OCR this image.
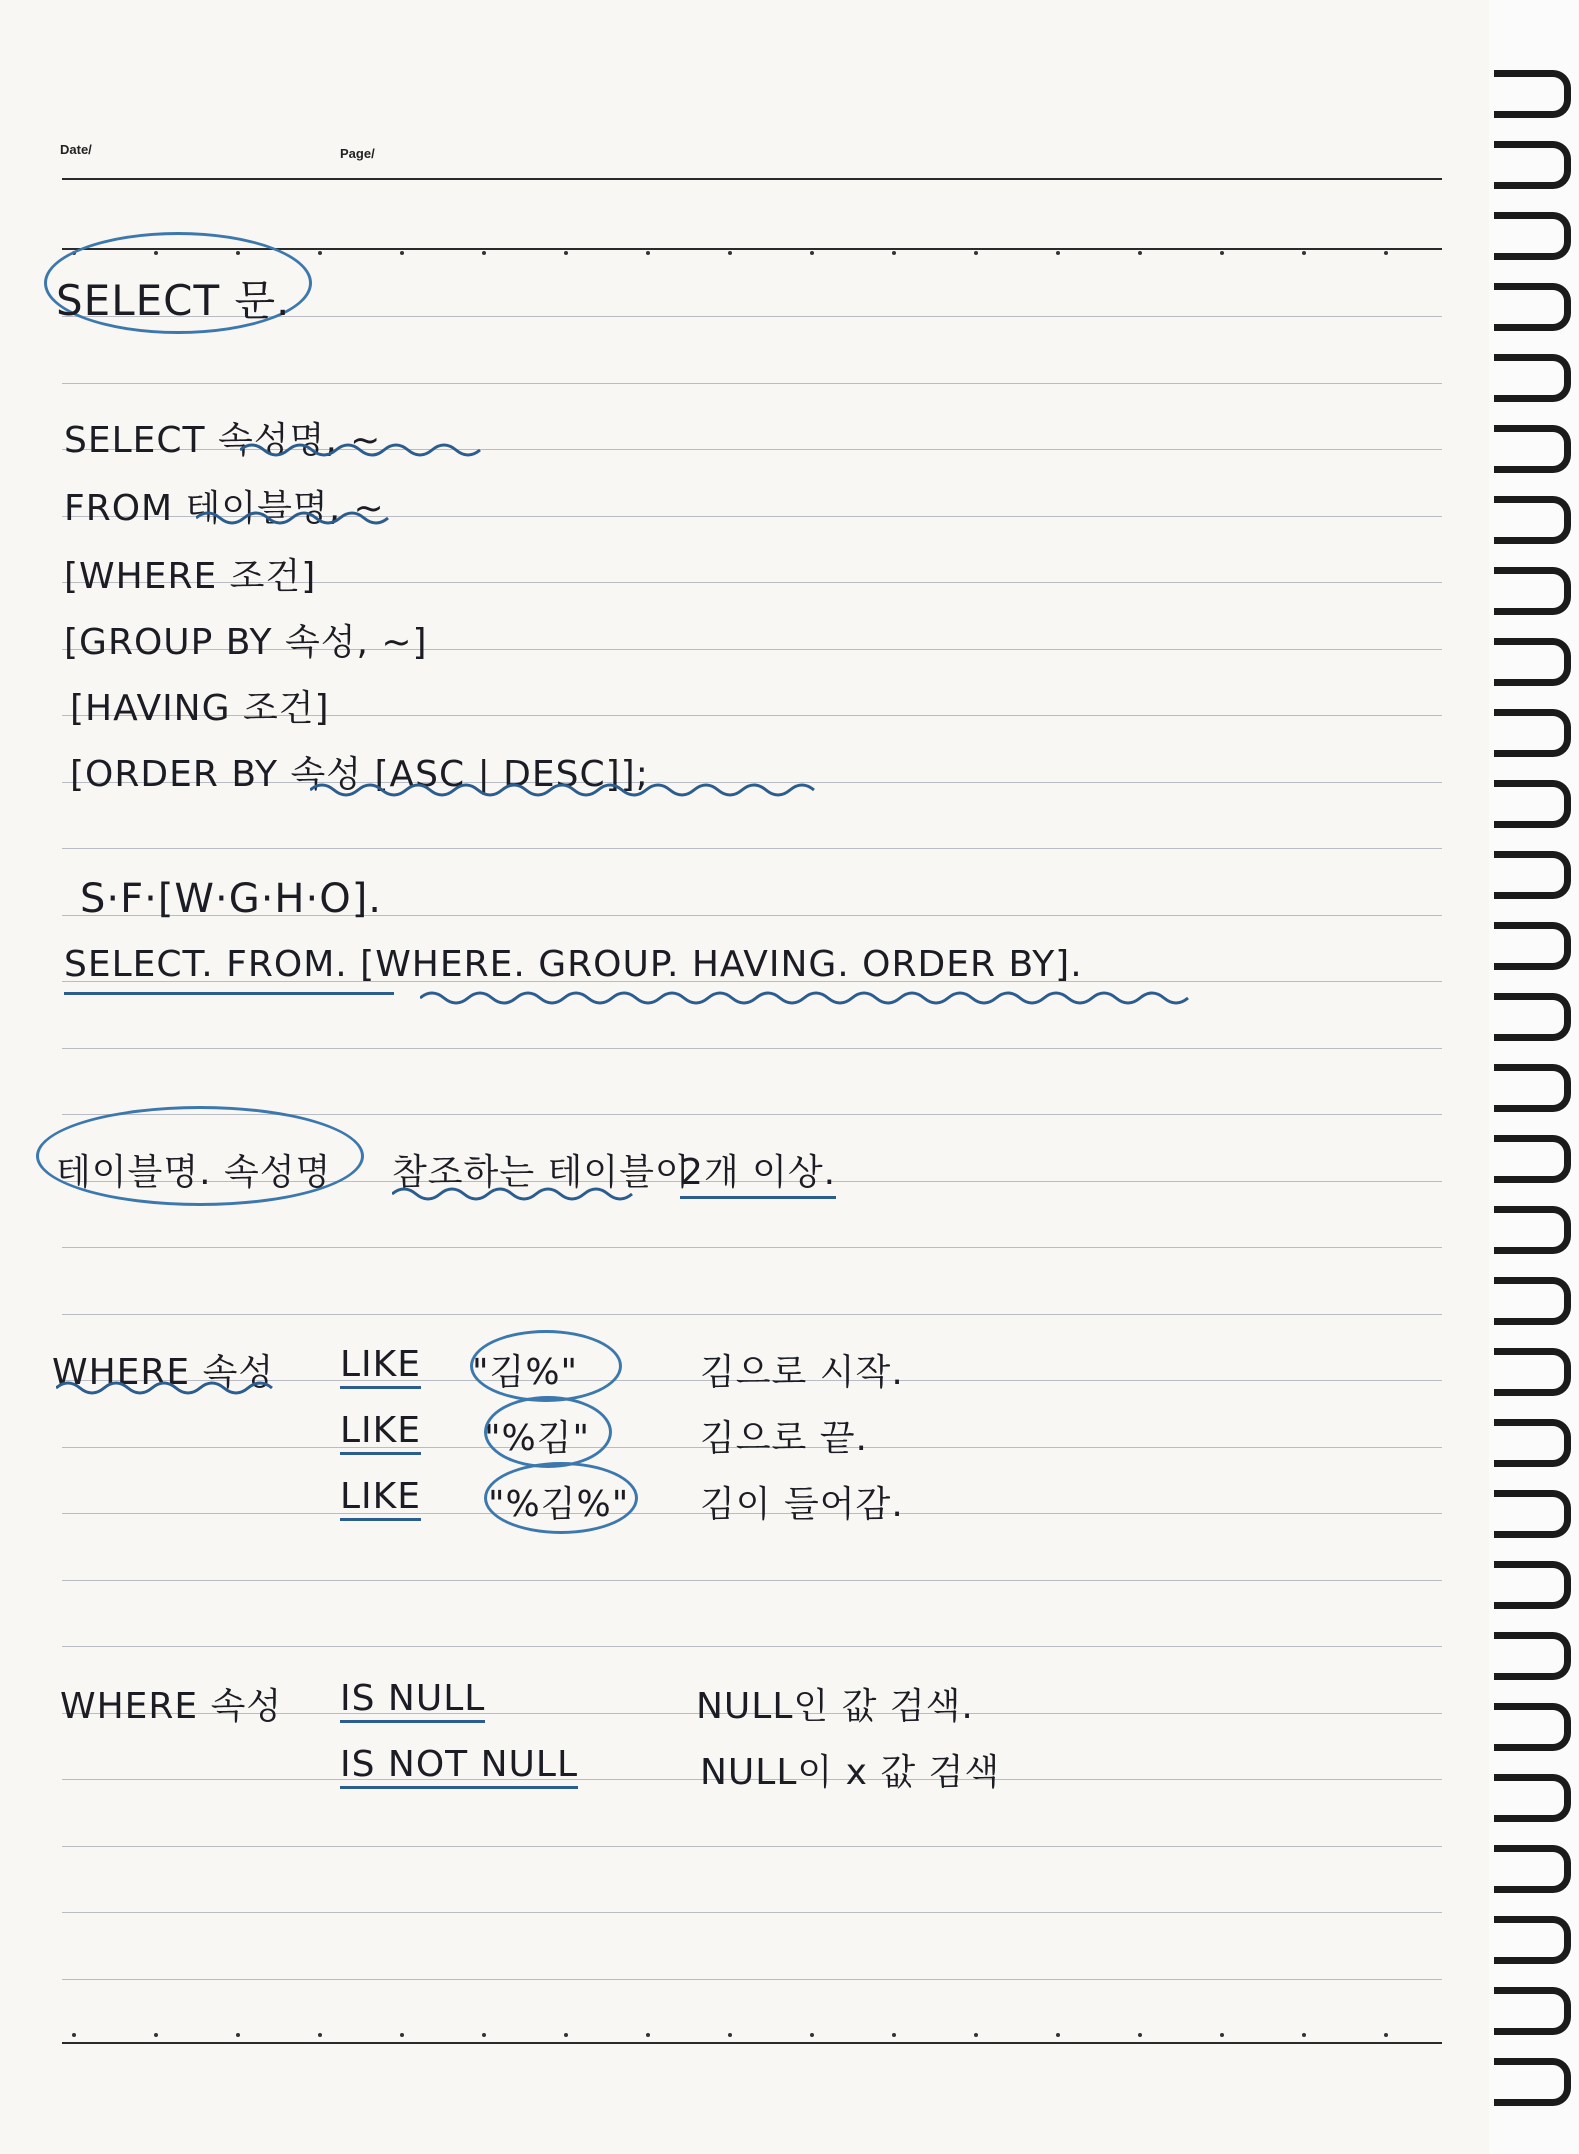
Date/	Page/
SELECT 문.
SELECT 속성명, ~
FROM 테이블명, ~
[WHERE 조건]
[GROUP BY 속성, ~]
[HAVING 조건]
[ORDER BY 속성 [ASC | DESC]];
S·F·[W·G·H·O].
SELECT. FROM. [WHERE. GROUP. HAVING. ORDER BY].
테이블명. 속성명 참조하는 테이블이
2개 이상.
WHERE 속성 LIKE "김%"	김으로 시작.
LIKE "%김"	김으로 끝.
LIKE "%김%" 김이 들어감.
WHERE 속성 IS NULL	NULL인 값 검색.
IS NOT NULL	NULL이 x 값 검색
